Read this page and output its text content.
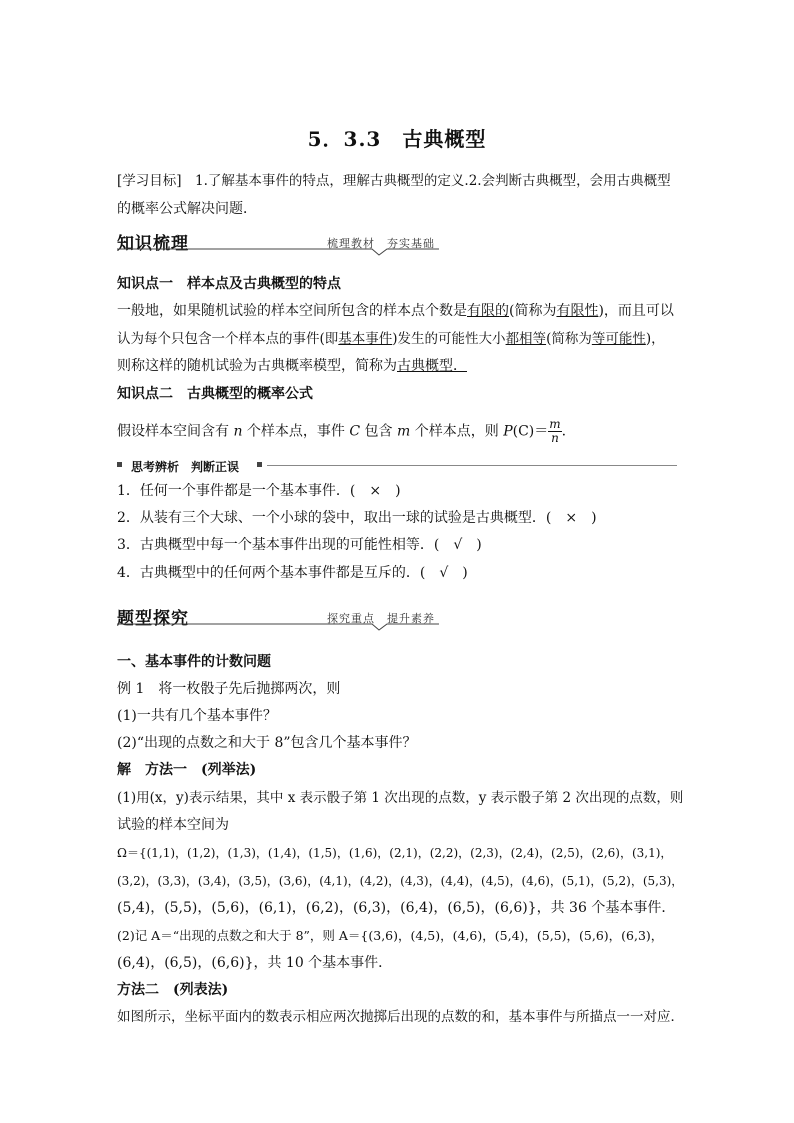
5．3.3　古典概型
[学习目标]　1.了解基本事件的特点，理解古典概型的定义.2.会判断古典概型，会用古典概型
的概率公式解决问题．
知识梳理	梳理教材　夯实基础
知识点一　样本点及古典概型的特点
一般地，如果随机试验的样本空间所包含的样本点个数是有限的(简称为有限性)，而且可以
认为每个只包含一个样本点的事件(即基本事件)发生的可能性大小都相等(简称为等可能性)，
则称这样的随机试验为古典概率模型，简称为古典概型．
知识点二　古典概型的概率公式
假设样本空间含有 n 个样本点，事件 C 包含 m 个样本点，则 $P(C)= \frac{m}{n}$ .
思考辨析　判断正误
1．任何一个事件都是一个基本事件．(　×　)
2．从装有三个大球、一个小球的袋中，取出一球的试验是古典概型．(　×　)
3．古典概型中每一个基本事件出现的可能性相等．(　√　)
4．古典概型中的任何两个基本事件都是互斥的．(　√　)
题型探究	探究重点　提升素养
一、基本事件的计数问题
例 1　将一枚骰子先后抛掷两次，则
(1)一共有几个基本事件？
(2)“出现的点数之和大于 8”包含几个基本事件？
解　方法一　(列举法)
(1)用(x，y)表示结果，其中 x 表示骰子第 1 次出现的点数，y 表示骰子第 2 次出现的点数，则
试验的样本空间为
Ω＝{(1,1)，(1,2)，(1,3)，(1,4)，(1,5)，(1,6)，(2,1)，(2,2)，(2,3)，(2,4)，(2,5)，(2,6)，(3,1)，
(3,2)，(3,3)，(3,4)，(3,5)，(3,6)，(4,1)，(4,2)，(4,3)，(4,4)，(4,5)，(4,6)，(5,1)，(5,2)，(5,3)，
(5,4)，(5,5)，(5,6)，(6,1)，(6,2)，(6,3)，(6,4)，(6,5)，(6,6)}，共 36 个基本事件．
(2)记 A＝“出现的点数之和大于 8”，则 A＝{(3,6)，(4,5)，(4,6)，(5,4)，(5,5)，(5,6)，(6,3)，
(6,4)，(6,5)，(6,6)}，共 10 个基本事件．
方法二　(列表法)
如图所示，坐标平面内的数表示相应两次抛掷后出现的点数的和，基本事件与所描点一一对应．
